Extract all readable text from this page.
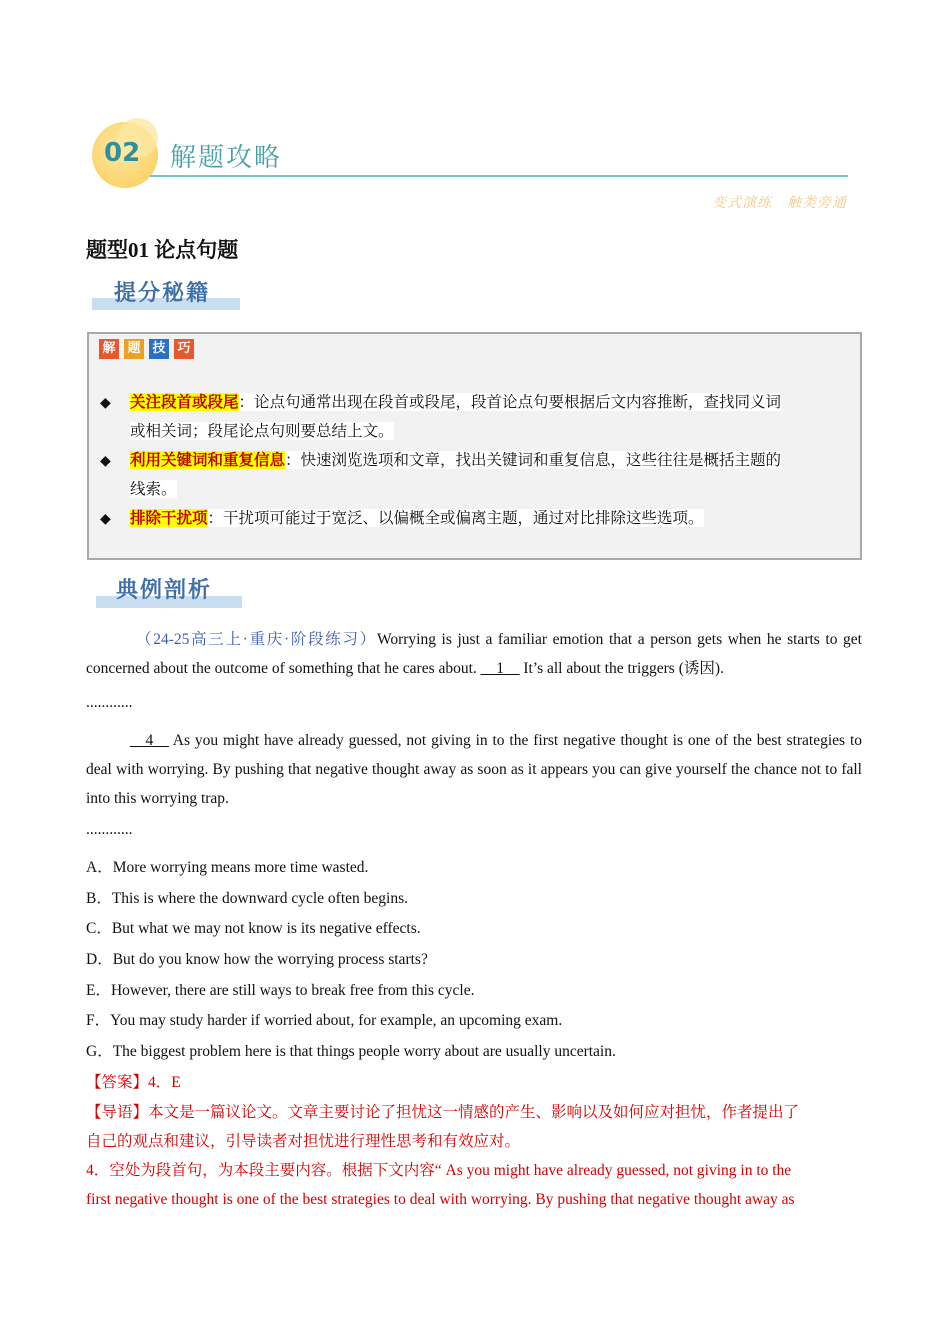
02 解题攻略
变式演练　触类旁通
题型01 论点句题
提分秘籍
解 题 技 巧
◆ 关注段首或段尾：论点句通常出现在段首或段尾，段首论点句要根据后文内容推断，查找同义词
或相关词；段尾论点句则要总结上文。
◆ 利用关键词和重复信息：快速浏览选项和文章，找出关键词和重复信息，这些往往是概括主题的
线索。
◆ 排除干扰项：干扰项可能过于宽泛、以偏概全或偏离主题，通过对比排除这些选项。
典例剖析
（24-25高三上·重庆·阶段练习）Worrying is just a familiar emotion that a person gets when he starts to get concerned about the outcome of something that he cares about. __1__ It’s all about the triggers (诱因).
............
__4__ As you might have already guessed, not giving in to the first negative thought is one of the best strategies to deal with worrying. By pushing that negative thought away as soon as it appears you can give yourself the chance not to fall into this worrying trap.
............
A．More worrying means more time wasted.
B．This is where the downward cycle often begins.
C．But what we may not know is its negative effects.
D．But do you know how the worrying process starts?
E．However, there are still ways to break free from this cycle.
F．You may study harder if worried about, for example, an upcoming exam.
G．The biggest problem here is that things people worry about are usually uncertain.
【答案】4．E
【导语】本文是一篇议论文。文章主要讨论了担忧这一情感的产生、影响以及如何应对担忧，作者提出了
自己的观点和建议，引导读者对担忧进行理性思考和有效应对。
4．空处为段首句，为本段主要内容。根据下文内容“ As you might have already guessed, not giving in to the
first negative thought is one of the best strategies to deal with worrying. By pushing that negative thought away as
